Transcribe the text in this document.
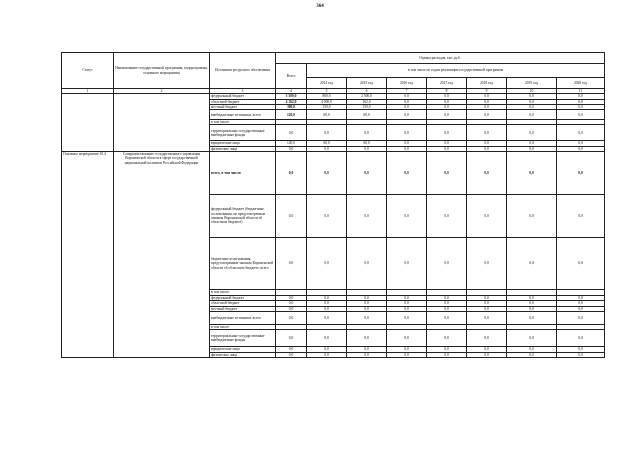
364
Статус	Наименование государственной программы, подпрограммы, основного мероприятия	Источники ресурсного обеспечения	Оценка расходов, тыс. руб.							
			Всего	в том числе по годам реализации государственной программы						
				2014 год	2015 год	2016 год	2017 год	2018 год	2019 год	2020 год
1	2	3	4	5	6	7	8	9	10	11
		федеральный бюджет	3 300,0	800,0	2 500,0	0,0	0,0	0,0	0,0	0,0
		областной бюджет	4 162,0	4 000,0	162,0	0,0	0,0	0,0	0,0	0,0
		местный бюджет	300,0	150,0	150,0	0,0	0,0	0,0	0,0	0,0
		внебюджетные источники, всего	120,0	60,0	60,0	0,0	0,0	0,0	0,0	0,0
		в том числе:								
		территориальные государственные внебюджетные фонды	0,0	0,0	0,0	0,0	0,0	0,0	0,0	0,0
		юридические лица	120,0	60,0	60,0	0,0	0,0	0,0	0,0	0,0
		физические лица	0,0	0,0	0,0	0,0	0,0	0,0	0,0	0,0
Основное мероприятие 10.4	Совершенствование государственного управления Воронежской области в сфере государственной национальной политики Российской Федерации	всего, в том числе:	0,0	0,0	0,0	0,0	0,0	0,0	0,0	0,0
		федеральный бюджет (бюджетные ассигнования, не предусмотренные законом Воронежской области об областном бюджете)	0,0	0,0	0,0	0,0	0,0	0,0	0,0	0,0
		бюджетные ассигнования, предусмотренные законом Воронежской области об областном бюджете, всего	0,0	0,0	0,0	0,0	0,0	0,0	0,0	0,0
		в том числе:								
		федеральный бюджет	0,0	0,0	0,0	0,0	0,0	0,0	0,0	0,0
		областной бюджет	0,0	0,0	0,0	0,0	0,0	0,0	0,0	0,0
		местный бюджет	0,0	0,0	0,0	0,0	0,0	0,0	0,0	0,0
		внебюджетные источники, всего	0,0	0,0	0,0	0,0	0,0	0,0	0,0	0,0
		в том числе:								
		территориальные государственные внебюджетные фонды	0,0	0,0	0,0	0,0	0,0	0,0	0,0	0,0
		юридические лица	0,0	0,0	0,0	0,0	0,0	0,0	0,0	0,0
		физические лица	0,0	0,0	0,0	0,0	0,0	0,0	0,0	0,0
